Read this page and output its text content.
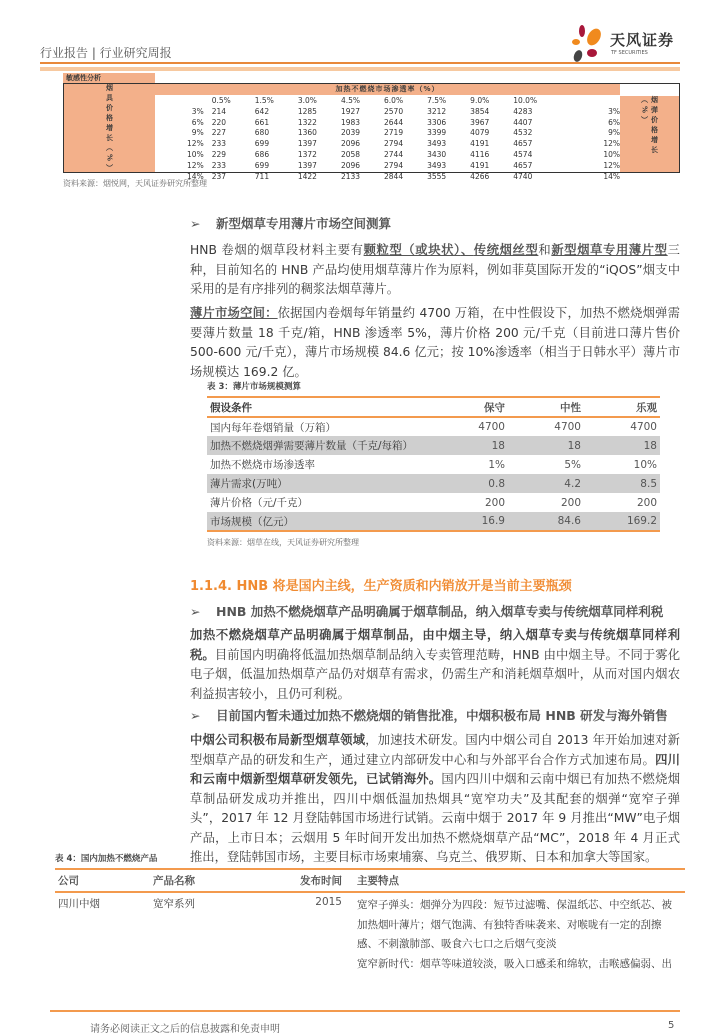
行业报告 | 行业研究周报
天风证券
TF SECURITIES
敏感性分析
烟具价格增长（%）	烟弹价格增长（%）
加热不燃烧市场渗透率（%）
0.5%	1.5%	3.0%	4.5%	6.0%	7.5%	9.0%	10.0%
3%	214	642	1285	1927	2570	3212	3854	4283	3%
6%	220	661	1322	1983	2644	3306	3967	4407	6%
9%	227	680	1360	2039	2719	3399	4079	4532	9%
12%	233	699	1397	2096	2794	3493	4191	4657	12%
10%	229	686	1372	2058	2744	3430	4116	4574	10%
12%	233	699	1397	2096	2794	3493	4191	4657	12%
14%	237	711	1422	2133	2844	3555	4266	4740	14%
资料来源：烟悦网，天风证券研究所整理
➢ 新型烟草专用薄片市场空间测算
HNB 卷烟的烟草段材料主要有颗粒型（或块状）、传统烟丝型和新型烟草专用薄片型三种，目前知名的 HNB 产品均使用烟草薄片作为原料，例如菲莫国际开发的“iQOS”烟支中采用的是有序排列的稠浆法烟草薄片。
薄片市场空间：依据国内卷烟每年销量约 4700 万箱，在中性假设下，加热不燃烧烟弹需要薄片数量 18 千克/箱，HNB 渗透率 5%，薄片价格 200 元/千克（目前进口薄片售价 500-600 元/千克），薄片市场规模 84.6 亿元；按 10%渗透率（相当于日韩水平）薄片市场规模达 169.2 亿。
表 3：薄片市场规模测算
假设条件	保守	中性	乐观
国内每年卷烟销量（万箱）	4700	4700	4700
加热不燃烧烟弹需要薄片数量（千克/每箱）	18	18	18
加热不燃烧市场渗透率	1%	5%	10%
薄片需求(万吨）	0.8	4.2	8.5
薄片价格（元/千克）	200	200	200
市场规模（亿元）	16.9	84.6	169.2
资料来源：烟草在线，天风证券研究所整理
1.1.4. HNB 将是国内主线，生产资质和内销放开是当前主要瓶颈
➢ HNB 加热不燃烧烟草产品明确属于烟草制品，纳入烟草专卖与传统烟草同样利税
加热不燃烧烟草产品明确属于烟草制品，由中烟主导，纳入烟草专卖与传统烟草同样利税。目前国内明确将低温加热烟草制品纳入专卖管理范畴，HNB 由中烟主导。不同于雾化电子烟，低温加热烟草产品仍对烟草有需求，仍需生产和消耗烟草烟叶，从而对国内烟农利益损害较小，且仍可利税。
➢ 目前国内暂未通过加热不燃烧烟的销售批准，中烟积极布局 HNB 研发与海外销售
中烟公司积极布局新型烟草领域，加速技术研发。国内中烟公司自 2013 年开始加速对新型烟草产品的研发和生产，通过建立内部研发中心和与外部平台合作方式加速布局。四川和云南中烟新型烟草研发领先，已试销海外。国内四川中烟和云南中烟已有加热不燃烧烟草制品研发成功并推出，四川中烟低温加热烟具“宽窄功夫”及其配套的烟弹“宽窄子弹头”，2017 年 12 月登陆韩国市场进行试销。云南中烟于 2017 年 9 月推出“MW”电子烟产品，上市日本；云烟用 5 年时间开发出加热不燃烧烟草产品“MC”，2018 年 4 月正式推出，登陆韩国市场，主要目标市场柬埔寨、乌克兰、俄罗斯、日本和加拿大等国家。
表 4：国内加热不燃烧产品
公司	产品名称	发布时间	主要特点
四川中烟	宽窄系列	2015	宽窄子弹头：烟弹分为四段：短节过滤嘴、保温纸芯、中空纸芯、被加热烟叶薄片；烟气饱满、有独特香味袭来、对喉咙有一定的刮擦感、不刺激肺部、吸食六七口之后烟气变淡
宽窄新时代：烟草等味道较淡，吸入口感柔和绵软，击喉感偏弱、出
请务必阅读正文之后的信息披露和免责申明	5
